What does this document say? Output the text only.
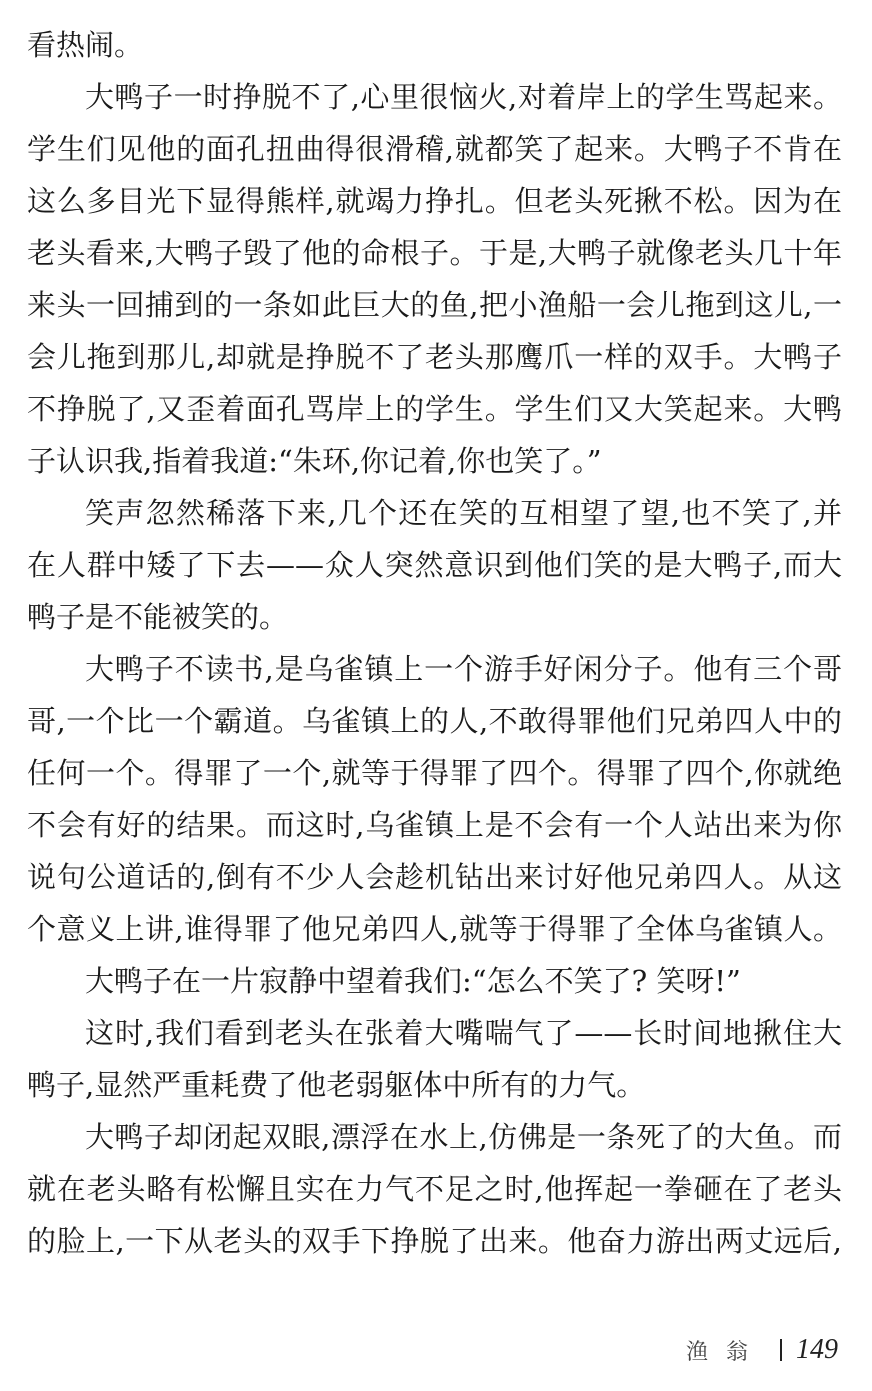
看热闹。
大鸭子一时挣脱不了,心里很恼火,对着岸上的学生骂起来。
学生们见他的面孔扭曲得很滑稽,就都笑了起来。大鸭子不肯在
这么多目光下显得熊样,就竭力挣扎。但老头死揪不松。因为在
老头看来,大鸭子毁了他的命根子。于是,大鸭子就像老头几十年
来头一回捕到的一条如此巨大的鱼,把小渔船一会儿拖到这儿,一
会儿拖到那儿,却就是挣脱不了老头那鹰爪一样的双手。大鸭子
不挣脱了,又歪着面孔骂岸上的学生。学生们又大笑起来。大鸭
子认识我,指着我道:“朱环,你记着,你也笑了。”
笑声忽然稀落下来,几个还在笑的互相望了望,也不笑了,并
在人群中矮了下去——众人突然意识到他们笑的是大鸭子,而大
鸭子是不能被笑的。
大鸭子不读书,是乌雀镇上一个游手好闲分子。他有三个哥
哥,一个比一个霸道。乌雀镇上的人,不敢得罪他们兄弟四人中的
任何一个。得罪了一个,就等于得罪了四个。得罪了四个,你就绝
不会有好的结果。而这时,乌雀镇上是不会有一个人站出来为你
说句公道话的,倒有不少人会趁机钻出来讨好他兄弟四人。从这
个意义上讲,谁得罪了他兄弟四人,就等于得罪了全体乌雀镇人。
大鸭子在一片寂静中望着我们:“怎么不笑了? 笑呀!”
这时,我们看到老头在张着大嘴喘气了——长时间地揪住大
鸭子,显然严重耗费了他老弱躯体中所有的力气。
大鸭子却闭起双眼,漂浮在水上,仿佛是一条死了的大鱼。而
就在老头略有松懈且实在力气不足之时,他挥起一拳砸在了老头
的脸上,一下从老头的双手下挣脱了出来。他奋力游出两丈远后,
渔翁 149
